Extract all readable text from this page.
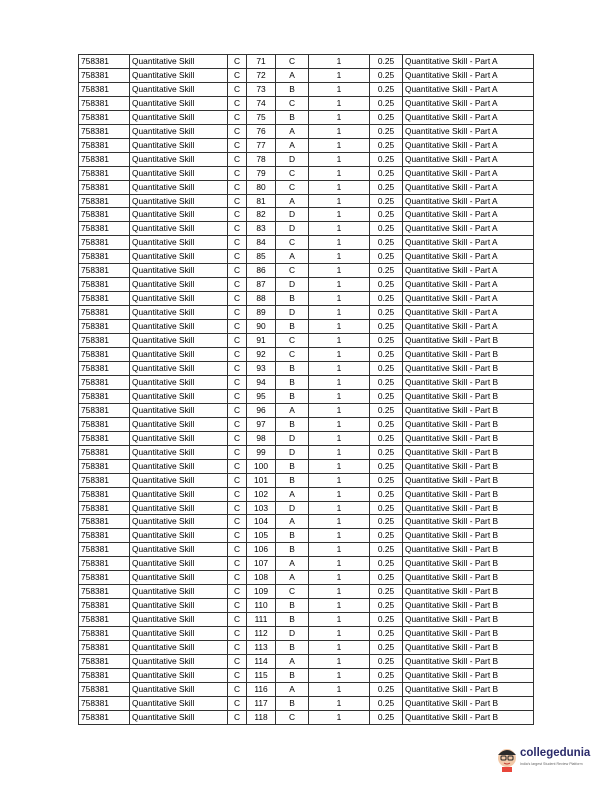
758381	Quantitative Skill	C	71	C	1	0.25	Quantitative Skill - Part A
758381	Quantitative Skill	C	72	A	1	0.25	Quantitative Skill - Part A
758381	Quantitative Skill	C	73	B	1	0.25	Quantitative Skill - Part A
758381	Quantitative Skill	C	74	C	1	0.25	Quantitative Skill - Part A
758381	Quantitative Skill	C	75	B	1	0.25	Quantitative Skill - Part A
758381	Quantitative Skill	C	76	A	1	0.25	Quantitative Skill - Part A
758381	Quantitative Skill	C	77	A	1	0.25	Quantitative Skill - Part A
758381	Quantitative Skill	C	78	D	1	0.25	Quantitative Skill - Part A
758381	Quantitative Skill	C	79	C	1	0.25	Quantitative Skill - Part A
758381	Quantitative Skill	C	80	C	1	0.25	Quantitative Skill - Part A
758381	Quantitative Skill	C	81	A	1	0.25	Quantitative Skill - Part A
758381	Quantitative Skill	C	82	D	1	0.25	Quantitative Skill - Part A
758381	Quantitative Skill	C	83	D	1	0.25	Quantitative Skill - Part A
758381	Quantitative Skill	C	84	C	1	0.25	Quantitative Skill - Part A
758381	Quantitative Skill	C	85	A	1	0.25	Quantitative Skill - Part A
758381	Quantitative Skill	C	86	C	1	0.25	Quantitative Skill - Part A
758381	Quantitative Skill	C	87	D	1	0.25	Quantitative Skill - Part A
758381	Quantitative Skill	C	88	B	1	0.25	Quantitative Skill - Part A
758381	Quantitative Skill	C	89	D	1	0.25	Quantitative Skill - Part A
758381	Quantitative Skill	C	90	B	1	0.25	Quantitative Skill - Part A
758381	Quantitative Skill	C	91	C	1	0.25	Quantitative Skill - Part B
758381	Quantitative Skill	C	92	C	1	0.25	Quantitative Skill - Part B
758381	Quantitative Skill	C	93	B	1	0.25	Quantitative Skill - Part B
758381	Quantitative Skill	C	94	B	1	0.25	Quantitative Skill - Part B
758381	Quantitative Skill	C	95	B	1	0.25	Quantitative Skill - Part B
758381	Quantitative Skill	C	96	A	1	0.25	Quantitative Skill - Part B
758381	Quantitative Skill	C	97	B	1	0.25	Quantitative Skill - Part B
758381	Quantitative Skill	C	98	D	1	0.25	Quantitative Skill - Part B
758381	Quantitative Skill	C	99	D	1	0.25	Quantitative Skill - Part B
758381	Quantitative Skill	C	100	B	1	0.25	Quantitative Skill - Part B
758381	Quantitative Skill	C	101	B	1	0.25	Quantitative Skill - Part B
758381	Quantitative Skill	C	102	A	1	0.25	Quantitative Skill - Part B
758381	Quantitative Skill	C	103	D	1	0.25	Quantitative Skill - Part B
758381	Quantitative Skill	C	104	A	1	0.25	Quantitative Skill - Part B
758381	Quantitative Skill	C	105	B	1	0.25	Quantitative Skill - Part B
758381	Quantitative Skill	C	106	B	1	0.25	Quantitative Skill - Part B
758381	Quantitative Skill	C	107	A	1	0.25	Quantitative Skill - Part B
758381	Quantitative Skill	C	108	A	1	0.25	Quantitative Skill - Part B
758381	Quantitative Skill	C	109	C	1	0.25	Quantitative Skill - Part B
758381	Quantitative Skill	C	110	B	1	0.25	Quantitative Skill - Part B
758381	Quantitative Skill	C	111	B	1	0.25	Quantitative Skill - Part B
758381	Quantitative Skill	C	112	D	1	0.25	Quantitative Skill - Part B
758381	Quantitative Skill	C	113	B	1	0.25	Quantitative Skill - Part B
758381	Quantitative Skill	C	114	A	1	0.25	Quantitative Skill - Part B
758381	Quantitative Skill	C	115	B	1	0.25	Quantitative Skill - Part B
758381	Quantitative Skill	C	116	A	1	0.25	Quantitative Skill - Part B
758381	Quantitative Skill	C	117	B	1	0.25	Quantitative Skill - Part B
758381	Quantitative Skill	C	118	C	1	0.25	Quantitative Skill - Part B
collegedunia
India's largest Student Review Platform
